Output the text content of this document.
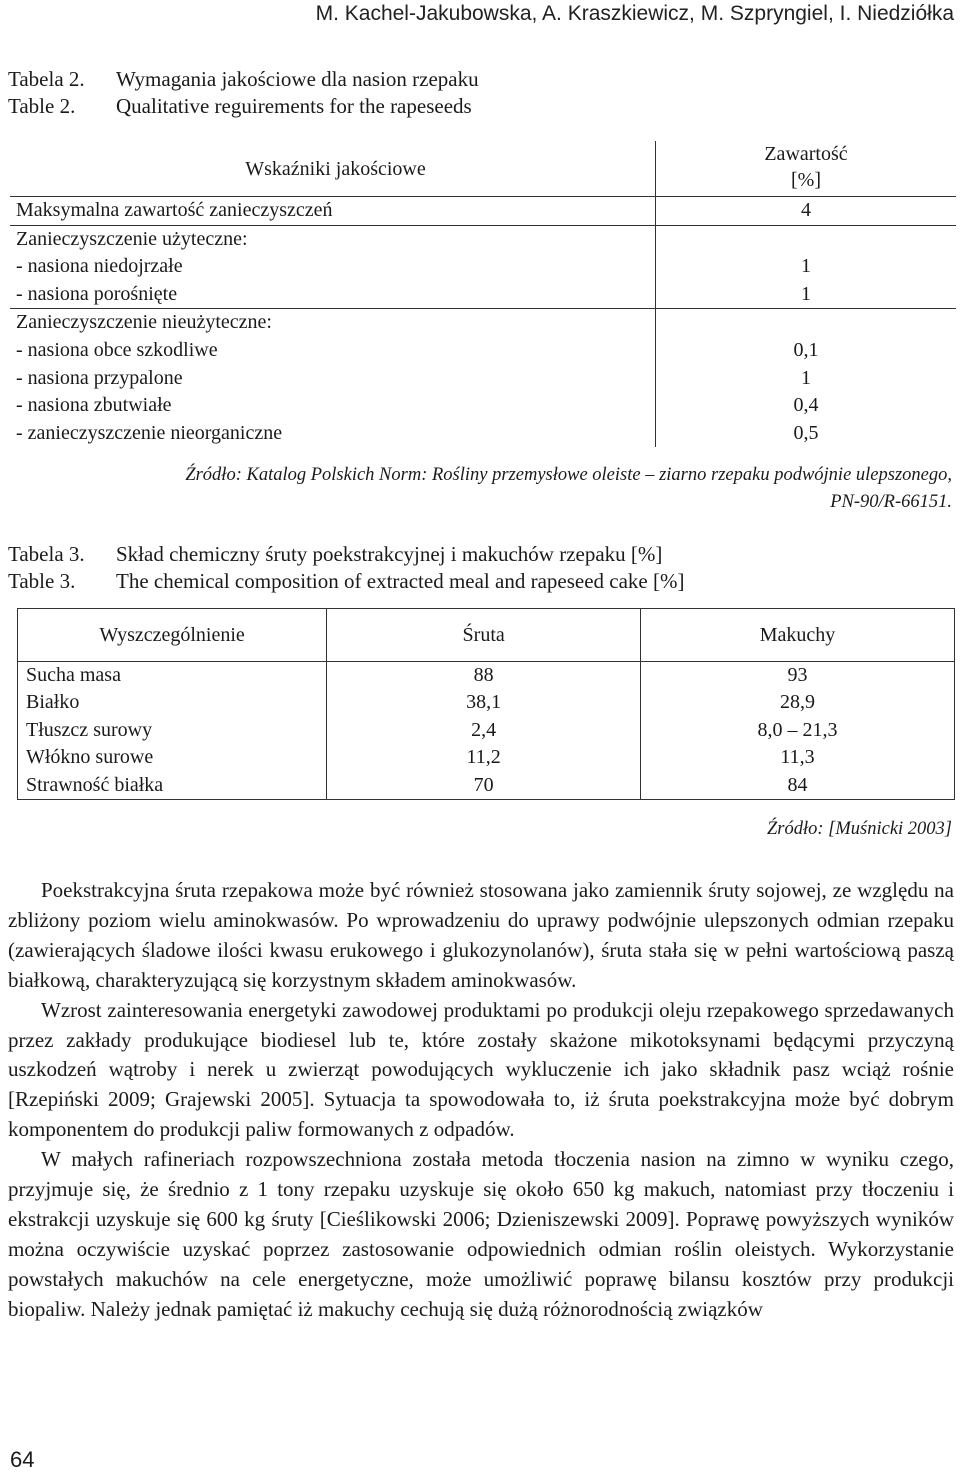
M. Kachel-Jakubowska, A. Kraszkiewicz, M. Szpryngiel, I. Niedziółka
Tabela 2.	Wymagania jakościowe dla nasion rzepaku
Table 2.	Qualitative reguirements for the rapeseeds
Wskaźniki jakościowe	Zawartość
[%]
Maksymalna zawartość zanieczyszczeń	4
Zanieczyszczenie użyteczne:	
- nasiona niedojrzałe	1
- nasiona porośnięte	1
Zanieczyszczenie nieużyteczne:	
- nasiona obce szkodliwe	0,1
- nasiona przypalone	1
- nasiona zbutwiałe	0,4
- zanieczyszczenie nieorganiczne	0,5
Źródło: Katalog Polskich Norm: Rośliny przemysłowe oleiste – ziarno rzepaku podwójnie ulepszonego,
PN-90/R-66151.
Tabela 3.	Skład chemiczny śruty poekstrakcyjnej i makuchów rzepaku [%]
Table 3.	The chemical composition of extracted meal and rapeseed cake [%]
Wyszczególnienie	Śruta	Makuchy
Sucha masa	88	93
Białko	38,1	28,9
Tłuszcz surowy	2,4	8,0 – 21,3
Włókno surowe	11,2	11,3
Strawność białka	70	84
Źródło: [Muśnicki 2003]

Poekstrakcyjna śruta rzepakowa może być również stosowana jako zamiennik śruty sojowej, ze względu na zbliżony poziom wielu aminokwasów. Po wprowadzeniu do uprawy podwójnie ulepszonych odmian rzepaku (zawierających śladowe ilości kwasu erukowego i glukozynolanów), śruta stała się w pełni wartościową paszą białkową, charakteryzującą się korzystnym składem aminokwasów.

Wzrost zainteresowania energetyki zawodowej produktami po produkcji oleju rzepakowego sprzedawanych przez zakłady produkujące biodiesel lub te, które zostały skażone mikotoksynami będącymi przyczyną uszkodzeń wątroby i nerek u zwierząt powodujących wykluczenie ich jako składnik pasz wciąż rośnie [Rzepiński 2009; Grajewski 2005]. Sytuacja ta spowodowała to, iż śruta poekstrakcyjna może być dobrym komponentem do produkcji paliw formowanych z odpadów.

W małych rafineriach rozpowszechniona została metoda tłoczenia nasion na zimno w wyniku czego, przyjmuje się, że średnio z 1 tony rzepaku uzyskuje się około 650 kg makuch, natomiast przy tłoczeniu i ekstrakcji uzyskuje się 600 kg śruty [Cieślikowski 2006; Dzieniszewski 2009]. Poprawę powyższych wyników można oczywiście uzyskać poprzez zastosowanie odpowiednich odmian roślin oleistych. Wykorzystanie powstałych makuchów na cele energetyczne, może umożliwić poprawę bilansu kosztów przy produkcji biopaliw. Należy jednak pamiętać iż makuchy cechują się dużą różnorodnością związków

64
